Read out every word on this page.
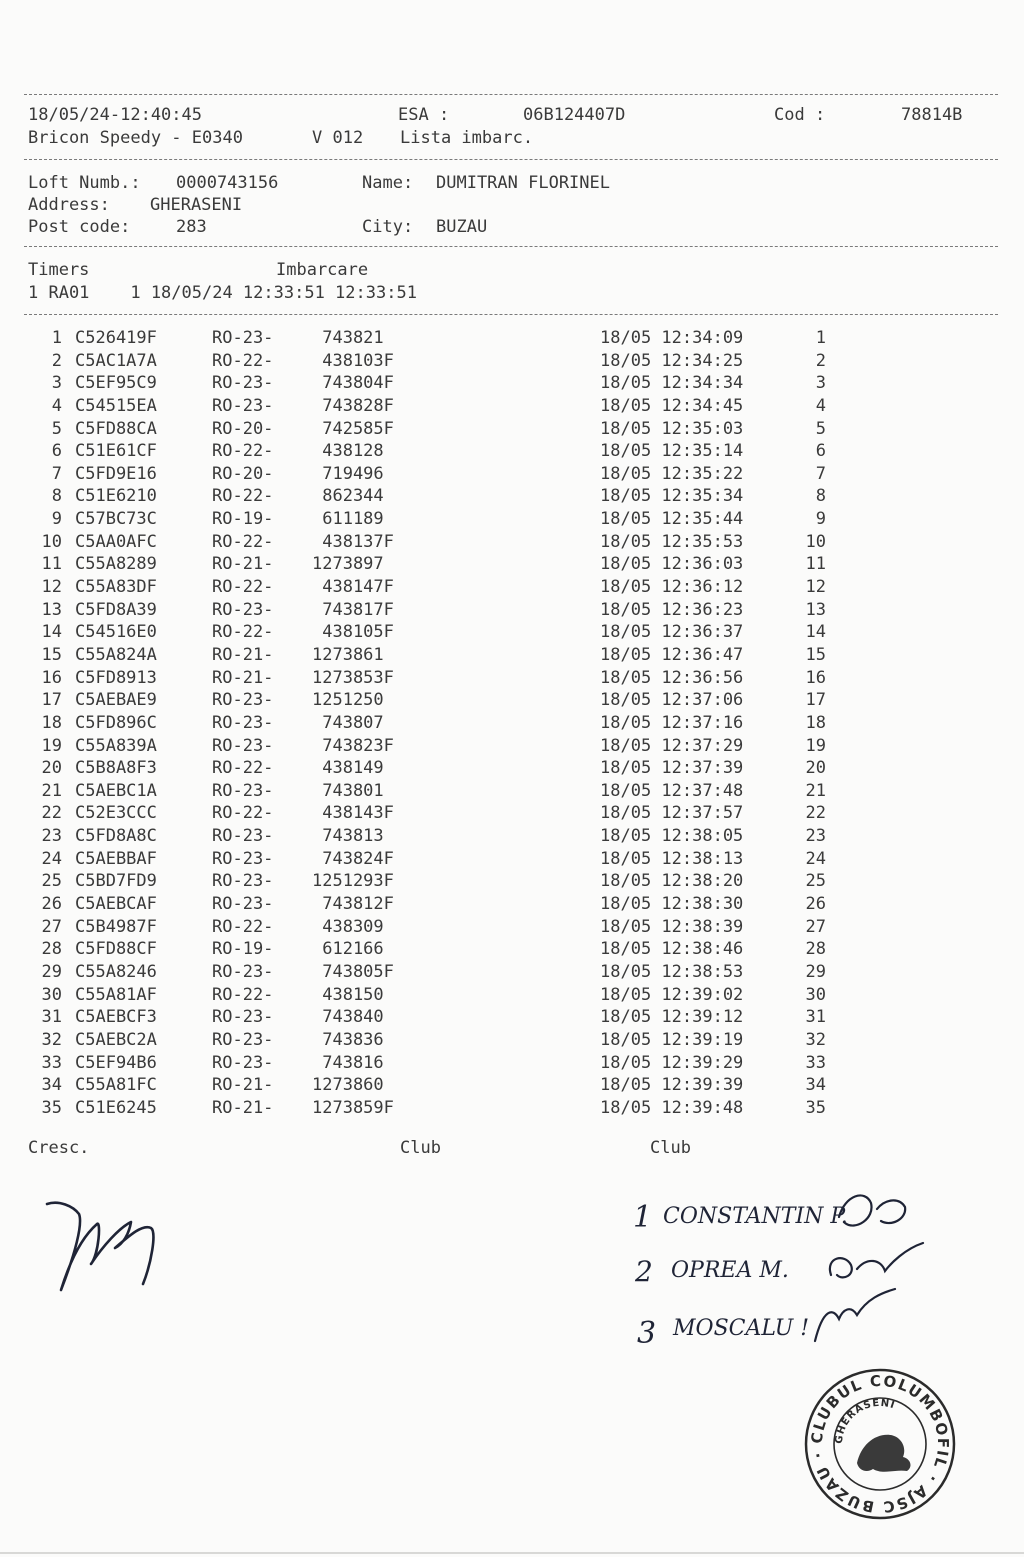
18/05/24-12:40:45	ESA :	06B124407D	Cod :	78814B
Bricon Speedy - E0340	V 012 Lista imbarc.
Loft Numb.: 0000743156	Name: DUMITRAN FLORINEL
Address: GHERASENI
Post code:	283	City: BUZAU
Timers	Imbarcare
1 RA01    1 18/05/24 12:33:51 12:33:51
1 C526419F	RO-23- 743821	18/05 12:34:09	1
2 C5AC1A7A	RO-22- 438103F	18/05 12:34:25	2
3 C5EF95C9	RO-23- 743804F	18/05 12:34:34	3
4 C54515EA	RO-23- 743828F	18/05 12:34:45	4
5 C5FD88CA	RO-20- 742585F	18/05 12:35:03	5
6 C51E61CF	RO-22- 438128	18/05 12:35:14	6
7 C5FD9E16	RO-20- 719496	18/05 12:35:22	7
8 C51E6210	RO-22- 862344	18/05 12:35:34	8
9 C57BC73C	RO-19- 611189	18/05 12:35:44	9
10 C5AA0AFC	RO-22- 438137F	18/05 12:35:53	10
11 C55A8289	RO-21- 1273897	18/05 12:36:03	11
12 C55A83DF	RO-22- 438147F	18/05 12:36:12	12
13 C5FD8A39	RO-23- 743817F	18/05 12:36:23	13
14 C54516E0	RO-22- 438105F	18/05 12:36:37	14
15 C55A824A	RO-21- 1273861	18/05 12:36:47	15
16 C5FD8913	RO-21- 1273853F	18/05 12:36:56	16
17 C5AEBAE9	RO-23- 1251250	18/05 12:37:06	17
18 C5FD896C	RO-23- 743807	18/05 12:37:16	18
19 C55A839A	RO-23- 743823F	18/05 12:37:29	19
20 C5B8A8F3	RO-22- 438149	18/05 12:37:39	20
21 C5AEBC1A	RO-23- 743801	18/05 12:37:48	21
22 C52E3CCC	RO-22- 438143F	18/05 12:37:57	22
23 C5FD8A8C	RO-23- 743813	18/05 12:38:05	23
24 C5AEBBAF	RO-23- 743824F	18/05 12:38:13	24
25 C5BD7FD9	RO-23- 1251293F	18/05 12:38:20	25
26 C5AEBCAF	RO-23- 743812F	18/05 12:38:30	26
27 C5B4987F	RO-22- 438309	18/05 12:38:39	27
28 C5FD88CF	RO-19- 612166	18/05 12:38:46	28
29 C55A8246	RO-23- 743805F	18/05 12:38:53	29
30 C55A81AF	RO-22- 438150	18/05 12:39:02	30
31 C5AEBCF3	RO-23- 743840	18/05 12:39:12	31
32 C5AEBC2A	RO-23- 743836	18/05 12:39:19	32
33 C5EF94B6	RO-23- 743816	18/05 12:39:29	33
34 C55A81FC	RO-21- 1273860	18/05 12:39:39	34
35 C51E6245	RO-21- 1273859F	18/05 12:39:48	35
Cresc.	Club	Club

1 CONSTANTIN P.
2 OPREA M.
3 MOSCALU !

CLUBUL COLUMBOFIL · AJSC BUZAU ·
GHERASENI
